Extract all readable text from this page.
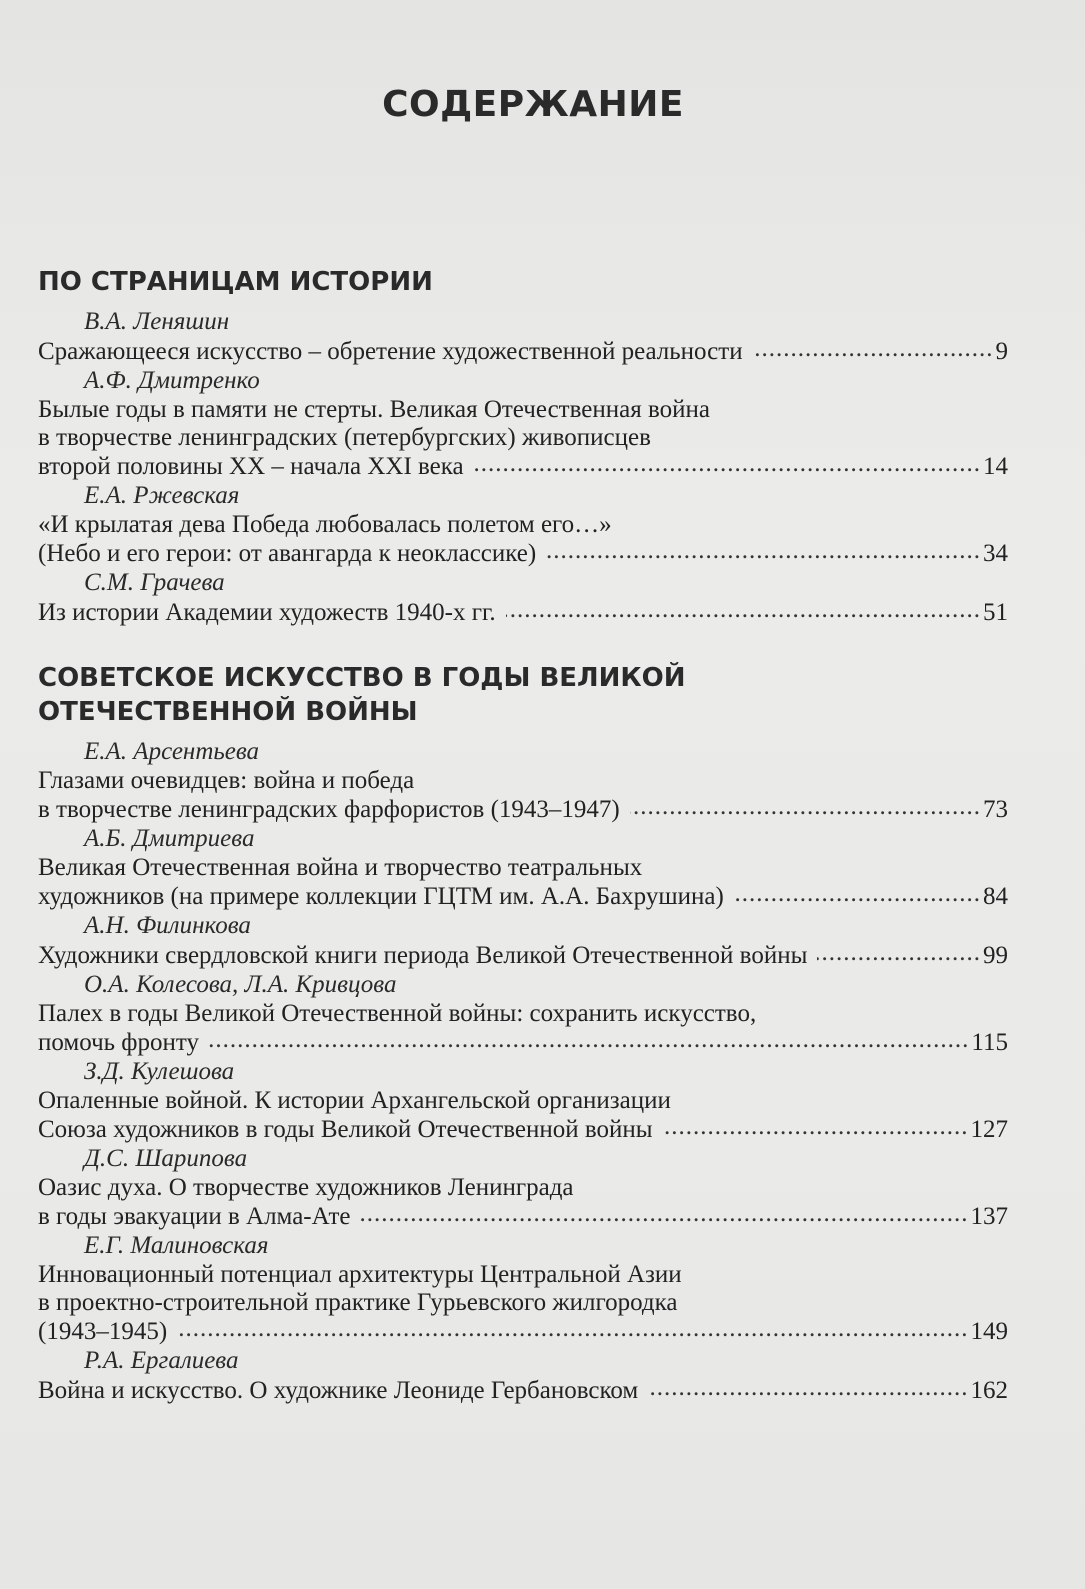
СОДЕРЖАНИЕ
ПО СТРАНИЦАМ ИСТОРИИ
В.А. Леняшин
Сражающееся искусство – обретение художественной реальности .....	9
А.Ф. Дмитренко
Былые годы в памяти не стерты. Великая Отечественная война
в творчестве ленинградских (петербургских) живописцев
второй половины XX – начала XXI века .....	14
Е.А. Ржевская
«И крылатая дева Победа любовалась полетом его…»
(Небо и его герои: от авангарда к неоклассике) .....	34
С.М. Грачева
Из истории Академии художеств 1940-х гг. .....	51
СОВЕТСКОЕ ИСКУССТВО В ГОДЫ ВЕЛИКОЙ
ОТЕЧЕСТВЕННОЙ ВОЙНЫ
Е.А. Арсентьева
Глазами очевидцев: война и победа
в творчестве ленинградских фарфористов (1943–1947) .....	73
А.Б. Дмитриева
Великая Отечественная война и творчество театральных
художников (на примере коллекции ГЦТМ им. А.А. Бахрушина) .....	84
А.Н. Филинкова
Художники свердловской книги периода Великой Отечественной войны .....	99
О.А. Колесова, Л.А. Кривцова
Палех в годы Великой Отечественной войны: сохранить искусство,
помочь фронту .....	115
З.Д. Кулешова
Опаленные войной. К истории Архангельской организации
Союза художников в годы Великой Отечественной войны .....	127
Д.С. Шарипова
Оазис духа. О творчестве художников Ленинграда
в годы эвакуации в Алма-Ате .....	137
Е.Г. Малиновская
Инновационный потенциал архитектуры Центральной Азии
в проектно-строительной практике Гурьевского жилгородка
(1943–1945) .....	149
Р.А. Ергалиева
Война и искусство. О художнике Леониде Гербановском .....	162
